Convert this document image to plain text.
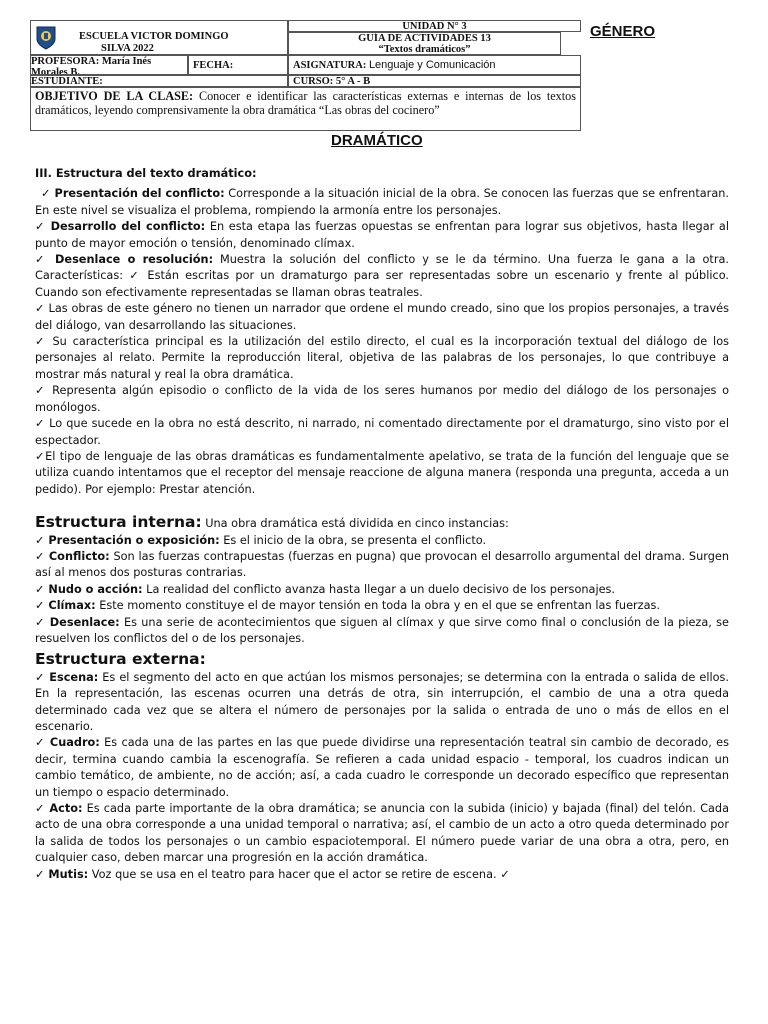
ESCUELA VICTOR DOMINGO
SILVA 2022
UNIDAD N° 3
GUÍA DE ACTIVIDADES 13
“Textos dramáticos”
PROFESORA: María Inés Morales B.
FECHA:	ASIGNATURA: Lenguaje y Comunicación
ESTUDIANTE:	CURSO: 5° A - B
OBJETIVO DE LA CLASE: Conocer e identificar las características externas e internas de los textos dramáticos, leyendo comprensivamente la obra dramática “Las obras del cocinero”
GÉNERO
DRAMÁTICO

III. Estructura del texto dramático:

✓ Presentación del conflicto: Corresponde a la situación inicial de la obra. Se conocen las fuerzas que se enfrentaran. En este nivel se visualiza el problema, rompiendo la armonía entre los personajes.

✓ Desarrollo del conflicto: En esta etapa las fuerzas opuestas se enfrentan para lograr sus objetivos, hasta llegar al punto de mayor emoción o tensión, denominado clímax.

✓ Desenlace o resolución: Muestra la solución del conflicto y se le da término. Una fuerza le gana a la otra. Características: ✓ Están escritas por un dramaturgo para ser representadas sobre un escenario y frente al público. Cuando son efectivamente representadas se llaman obras teatrales.

✓ Las obras de este género no tienen un narrador que ordene el mundo creado, sino que los propios personajes, a través del diálogo, van desarrollando las situaciones.

✓ Su característica principal es la utilización del estilo directo, el cual es la incorporación textual del diálogo de los personajes al relato. Permite la reproducción literal, objetiva de las palabras de los personajes, lo que contribuye a mostrar más natural y real la obra dramática.

✓ Representa algún episodio o conflicto de la vida de los seres humanos por medio del diálogo de los personajes o monólogos.

✓ Lo que sucede en la obra no está descrito, ni narrado, ni comentado directamente por el dramaturgo, sino visto por el espectador.

✓El tipo de lenguaje de las obras dramáticas es fundamentalmente apelativo, se trata de la función del lenguaje que se utiliza cuando intentamos que el receptor del mensaje reaccione de alguna manera (responda una pregunta, acceda a un pedido). Por ejemplo: Prestar atención.

Estructura interna: Una obra dramática está dividida en cinco instancias:

✓ Presentación o exposición: Es el inicio de la obra, se presenta el conflicto.

✓ Conflicto: Son las fuerzas contrapuestas (fuerzas en pugna) que provocan el desarrollo argumental del drama. Surgen así al menos dos posturas contrarias.

✓ Nudo o acción: La realidad del conflicto avanza hasta llegar a un duelo decisivo de los personajes.

✓ Clímax: Este momento constituye el de mayor tensión en toda la obra y en el que se enfrentan las fuerzas.

✓ Desenlace: Es una serie de acontecimientos que siguen al clímax y que sirve como final o conclusión de la pieza, se resuelven los conflictos del o de los personajes.

Estructura externa:

✓ Escena: Es el segmento del acto en que actúan los mismos personajes; se determina con la entrada o salida de ellos. En la representación, las escenas ocurren una detrás de otra, sin interrupción, el cambio de una a otra queda determinado cada vez que se altera el número de personajes por la salida o entrada de uno o más de ellos en el escenario.

✓ Cuadro: Es cada una de las partes en las que puede dividirse una representación teatral sin cambio de decorado, es decir, termina cuando cambia la escenografía. Se refieren a cada unidad espacio - temporal, los cuadros indican un cambio temático, de ambiente, no de acción; así, a cada cuadro le corresponde un decorado específico que representan un tiempo o espacio determinado.

✓ Acto: Es cada parte importante de la obra dramática; se anuncia con la subida (inicio) y bajada (final) del telón. Cada acto de una obra corresponde a una unidad temporal o narrativa; así, el cambio de un acto a otro queda determinado por la salida de todos los personajes o un cambio espaciotemporal. El número puede variar de una obra a otra, pero, en cualquier caso, deben marcar una progresión en la acción dramática.

✓ Mutis: Voz que se usa en el teatro para hacer que el actor se retire de escena. ✓
